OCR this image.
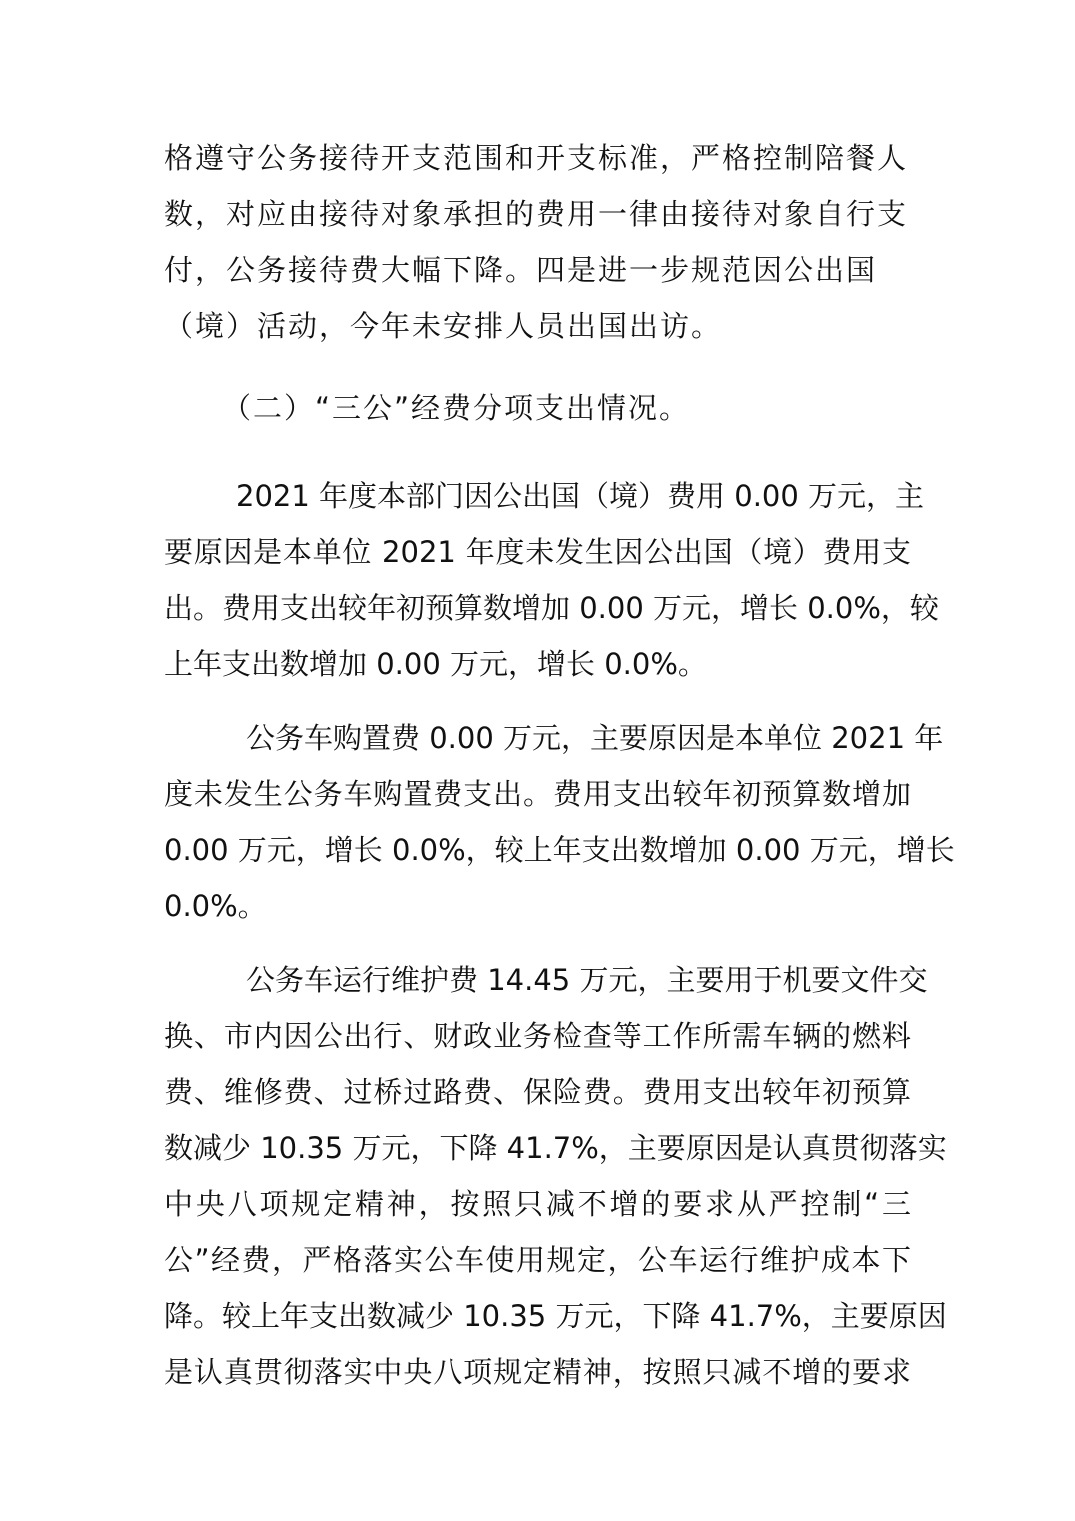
格遵守公务接待开支范围和开支标准，严格控制陪餐人
数，对应由接待对象承担的费用一律由接待对象自行支
付，公务接待费大幅下降。四是进一步规范因公出国
（境）活动，今年未安排人员出国出访。
（二）“三公”经费分项支出情况。
2021 年度本部门因公出国（境）费用 0.00 万元，主
要原因是本单位 2021 年度未发生因公出国（境）费用支
出。费用支出较年初预算数增加 0.00 万元，增长 0.0%，较
上年支出数增加 0.00 万元，增长 0.0%。
公务车购置费 0.00 万元，主要原因是本单位 2021 年
度未发生公务车购置费支出。费用支出较年初预算数增加
0.00 万元，增长 0.0%，较上年支出数增加 0.00 万元，增长
0.0%。
公务车运行维护费 14.45 万元，主要用于机要文件交
换、市内因公出行、财政业务检查等工作所需车辆的燃料
费、维修费、过桥过路费、保险费。费用支出较年初预算
数减少 10.35 万元，下降 41.7%，主要原因是认真贯彻落实
中央八项规定精神，按照只减不增的要求从严控制“三
公”经费，严格落实公车使用规定，公车运行维护成本下
降。较上年支出数减少 10.35 万元，下降 41.7%，主要原因
是认真贯彻落实中央八项规定精神，按照只减不增的要求
